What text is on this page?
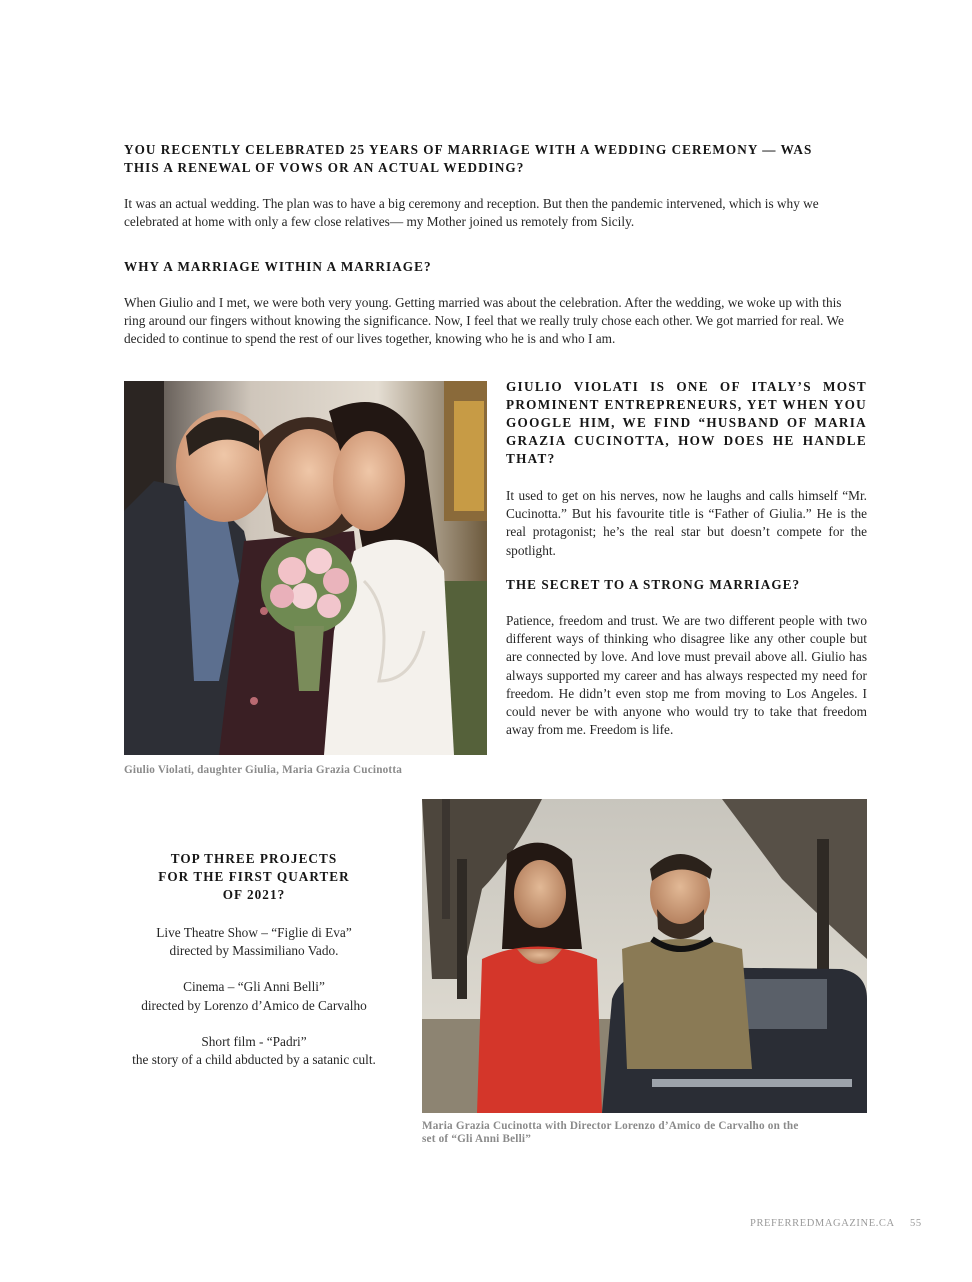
YOU RECENTLY CELEBRATED 25 YEARS OF MARRIAGE WITH A WEDDING CEREMONY — WAS THIS A RENEWAL OF VOWS OR AN ACTUAL WEDDING?

It was an actual wedding. The plan was to have a big ceremony and reception. But then the pandemic intervened, which is why we celebrated at home with only a few close relatives— my Mother joined us remotely from Sicily.

WHY A MARRIAGE WITHIN A MARRIAGE?

When Giulio and I met, we were both very young. Getting married was about the celebration. After the wedding, we woke up with this ring around our fingers without knowing the significance. Now, I feel that we really truly chose each other. We got married for real. We decided to continue to spend the rest of our lives together, knowing who he is and who I am.

Giulio Violati, daughter Giulia, Maria Grazia Cucinotta

GIULIO VIOLATI IS ONE OF ITALY’S MOST PROMINENT ENTREPRENEURS, YET WHEN YOU GOOGLE HIM, WE FIND “HUSBAND OF MARIA GRAZIA CUCINOTTA, HOW DOES HE HANDLE THAT?

It used to get on his nerves, now he laughs and calls himself “Mr. Cucinotta.” But his favourite title is “Father of Giulia.” He is the real protagonist; he’s the real star but doesn’t compete for the spotlight.

THE SECRET TO A STRONG MARRIAGE?

Patience, freedom and trust. We are two different people with two different ways of thinking who disagree like any other couple but are connected by love. And love must prevail above all. Giulio has always supported my career and has always respected my need for freedom. He didn’t even stop me from moving to Los Angeles. I could never be with anyone who would try to take that freedom away from me. Freedom is life.

TOP THREE PROJECTS
FOR THE FIRST QUARTER
OF 2021?
Live Theatre Show – “Figlie di Eva”
directed by Massimiliano Vado.
Cinema – “Gli Anni Belli”
directed by Lorenzo d’Amico de Carvalho
Short film - “Padri”
the story of a child abducted by a satanic cult.
Maria Grazia Cucinotta with Director Lorenzo d’Amico de Carvalho on the
set of “Gli Anni Belli”
PREFERREDMAGAZINE.CA 55
